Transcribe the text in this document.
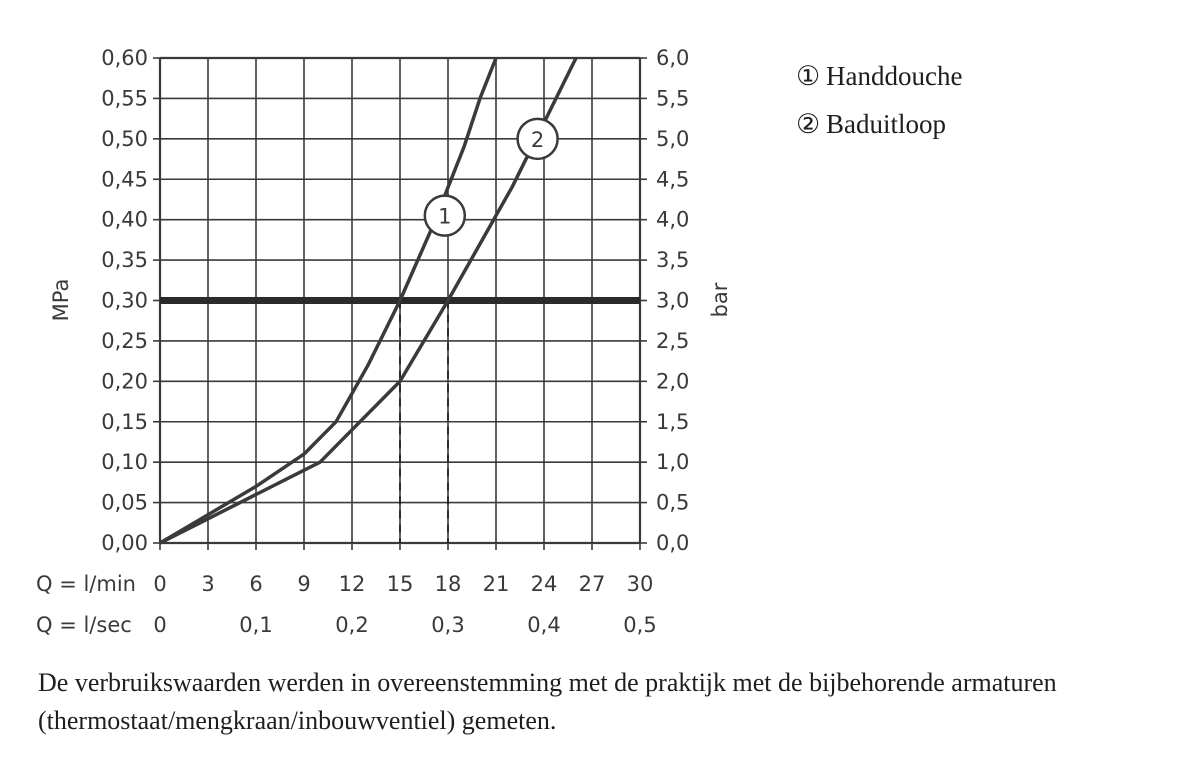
1
2
0,00
0,05
0,10
0,15
0,20
0,25
0,30
0,35
0,40
0,45
0,50
0,55
0,60
0,0
0,5
1,0
1,5
2,0
2,5
3,0
3,5
4,0
4,5
5,0
5,5
6,0
0 3 6 9 12 15 18 21 24 27 30
0	0,1	0,2	0,3	0,4	0,5
MPa	bar
Q = l/min
Q = l/sec
① Handdouche
② Baduitloop
De verbruikswaarden werden in overeenstemming met de praktijk met de bijbehorende armaturen (thermostaat/mengkraan/inbouwventiel) gemeten.
